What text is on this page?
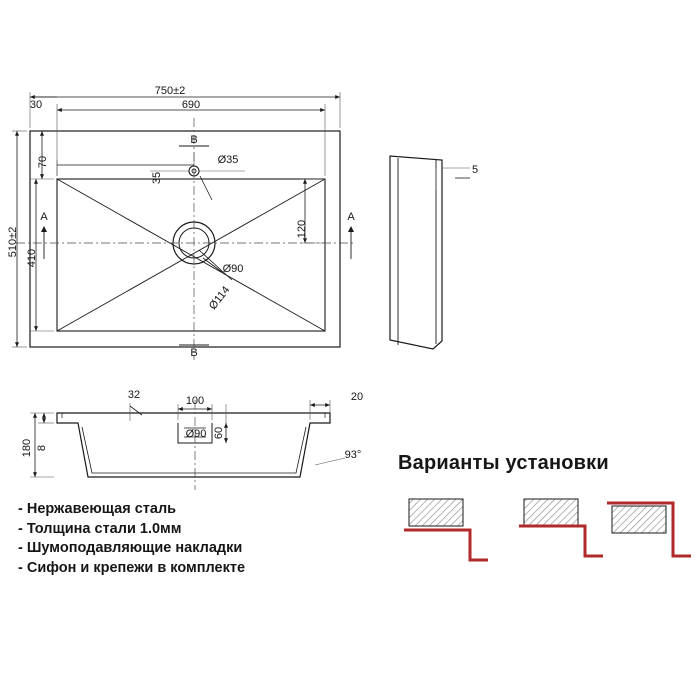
750±2
690
30
510±2
410
70
35
Ø35
120
Ø90
Ø114
A	A
B
B
5
180 8
32	100
Ø90 60
20
93° Варианты установки
- Нержавеющая сталь
- Толщина стали 1.0мм
- Шумоподавляющие накладки
- Сифон и крепежи в комплекте
